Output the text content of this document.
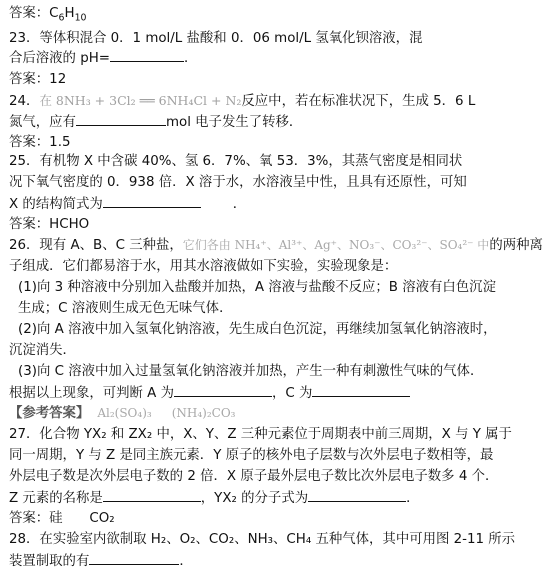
答案：$C_6H_{10}$
23．等体积混合 0．1 mol/L 盐酸和 0．06 mol/L 氢氧化钡溶液，混
合后溶液的 pH=	．
答案：12
24．在 8NH₃ + 3Cl₂ ══ 6NH₄Cl + N₂反应中，若在标准状况下，生成 5．6 L
氮气，应有	mol 电子发生了转移．
答案：1.5
25．有机物 X 中含碳 40%、氢 6．7%、氧 53．3%，其蒸气密度是相同状
况下氧气密度的 0．938 倍．X 溶于水，水溶液呈中性，且具有还原性，可知
X 的结构简式为	．
答案：HCHO
26．现有 A、B、C 三种盐，它们各由 NH₄⁺、Al³⁺、Ag⁺、NO₃⁻、CO₃²⁻、SO₄²⁻ 中的两种离
子组成．它们都易溶于水，用其水溶液做如下实验，实验现象是：
(1)向 3 种溶液中分别加入盐酸并加热，A 溶液与盐酸不反应；B 溶液有白色沉淀
生成；C 溶液则生成无色无味气体．
(2)向 A 溶液中加入氢氧化钠溶液，先生成白色沉淀，再继续加氢氧化钠溶液时，
沉淀消失．
(3)向 C 溶液中加入过量氢氧化钠溶液并加热，产生一种有刺激性气味的气体．
根据以上现象，可判断 A 为	，C 为
【参考答案】 Al₂(SO₄)₃ (NH₄)₂CO₃
27．化合物 YX₂ 和 ZX₂ 中，X、Y、Z 三种元素位于周期表中前三周期，X 与 Y 属于
同一周期，Y 与 Z 是同主族元素．Y 原子的核外电子层数与次外层电子数相等，最
外层电子数是次外层电子数的 2 倍．X 原子最外层电子数比次外层电子数多 4 个．
Z 元素的名称是	，YX₂ 的分子式为	．
答案：硅　　CO₂
28．在实验室内欲制取 H₂、O₂、CO₂、NH₃、CH₄ 五种气体，其中可用图 2-11 所示
装置制取的有	．
